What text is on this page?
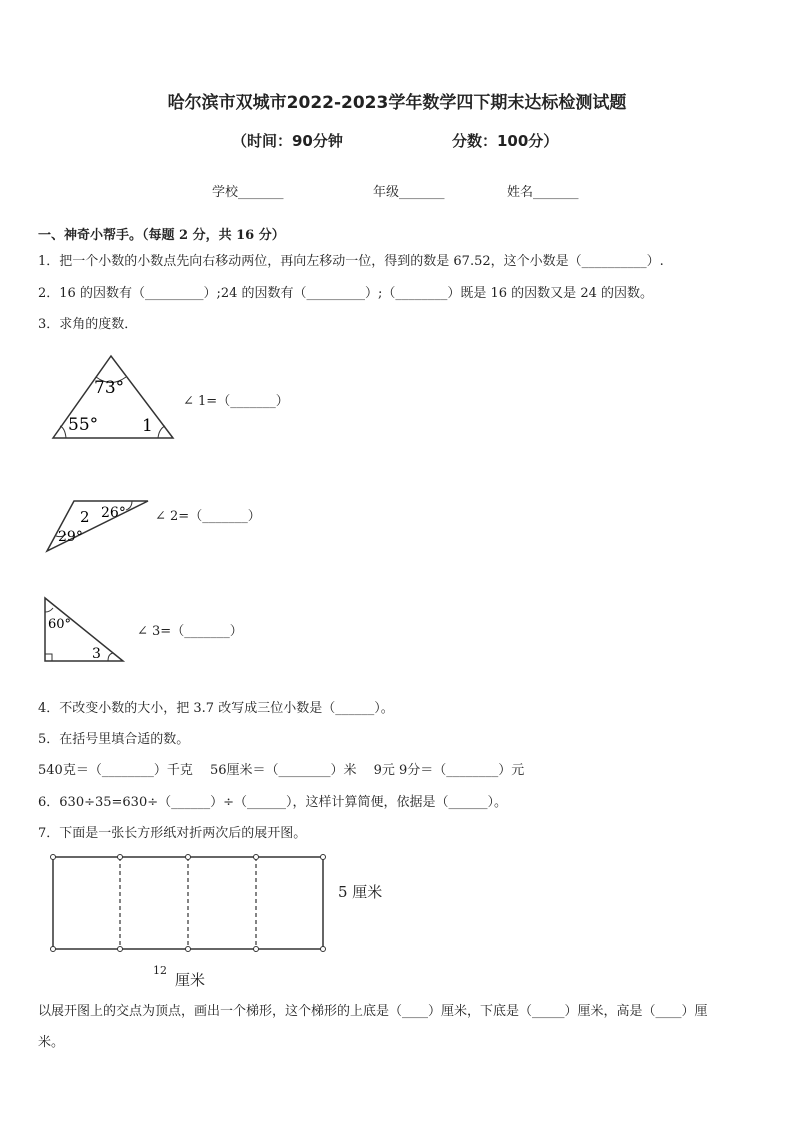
哈尔滨市双城市2022-2023学年数学四下期末达标检测试题
（时间：90分钟	分数：100分）
学校_______	年级_______	姓名_______
一、神奇小帮手。（每题 2 分，共 16 分）
1．把一个小数的小数点先向右移动两位，再向左移动一位，得到的数是 67.52，这个小数是（__________）.
2．16 的因数有（_________）;24 的因数有（_________）;（________）既是 16 的因数又是 24 的因数。
3．求角的度数．
73°
55°	1
∠ 1=（_______）
2 26°
29°
∠ 2=（_______）
60°
3
∠ 3=（_______）
4．不改变小数的大小，把 3.7 改写成三位小数是（______）。
5．在括号里填合适的数。
540克＝（________）千克　 56厘米＝（________）米　 9元 9分＝（________）元
6．630÷35=630÷（______）÷（______），这样计算简便，依据是（______）。
7．下面是一张长方形纸对折两次后的展开图。
5 厘米
12
厘米
以展开图上的交点为顶点，画出一个梯形，这个梯形的上底是（____）厘米，下底是（_____）厘米，高是（____）厘
米。
